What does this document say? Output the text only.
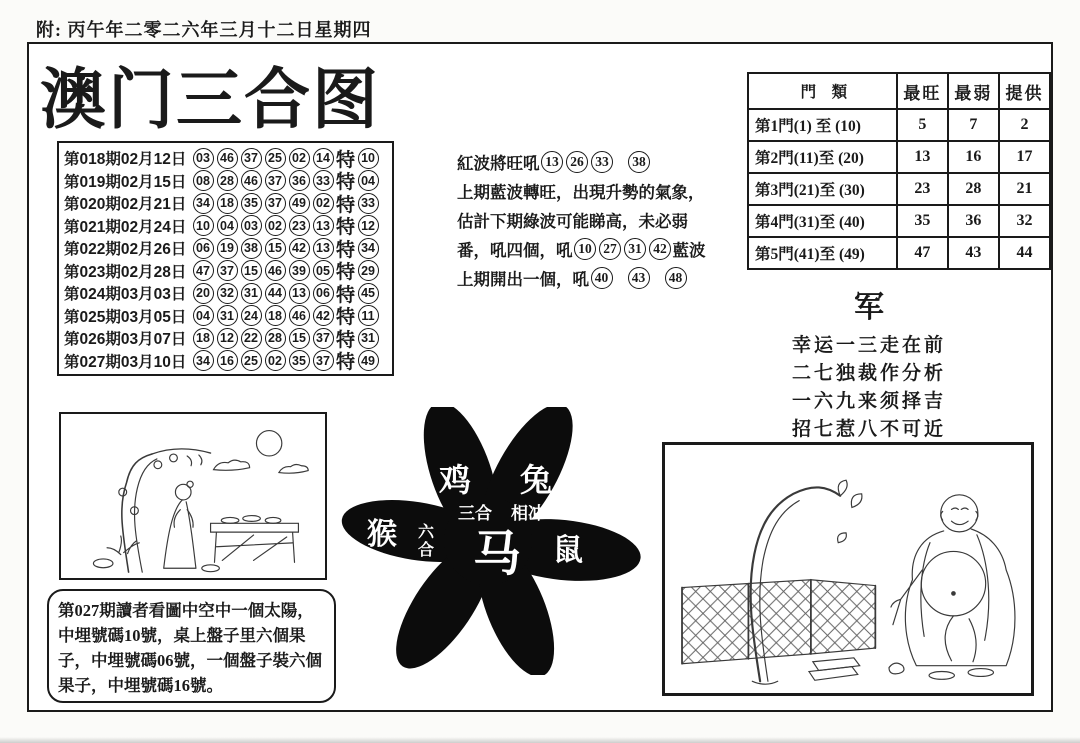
附: 丙午年二零二六年三月十二日星期四
澳门三合图
第018期02月12日 03 46 37 25 02 14 特 10
第019期02月15日 08 28 46 37 36 33 特 04
第020期02月21日 34 18 35 37 49 02 特 33
第021期02月24日 10 04 03 02 23 13 特 12
第022期02月26日 06 19 38 15 42 13 特 34
第023期02月28日 47 37 15 46 39 05 特 29
第024期03月03日 20 32 31 44 13 06 特 45
第025期03月05日 04 31 24 18 46 42 特 11
第026期03月07日 18 12 22 28 15 37 特 31
第027期03月10日 34 16 25 02 35 37 特 49
紅波將旺吼 13 26 33	38
上期藍波轉旺，出現升勢的氣象，
估計下期綠波可能睇高，未必弱
番，吼四個，吼 10 27 31 42 藍波
上期開出一個，吼 40	43	48
門　類	最旺	最弱	提供
第1門(1) 至 (10)	5	7	2
第2門(11)至 (20)	13	16	17
第3門(21)至 (30)	23	28	21
第4門(31)至 (40)	35	36	32
第5門(41)至 (49)	47	43	44
军
幸运一三走在前
二七独裁作分析
一六九来须择吉
招七惹八不可近
第027期讀者看圖中空中一個太陽，中埋號碼10號，桌上盤子里六個果子，中埋號碼06號，一個盤子裝六個果子，中埋號碼16號。
鸡 兔
三合 相冲
猴 六
合 马 鼠
